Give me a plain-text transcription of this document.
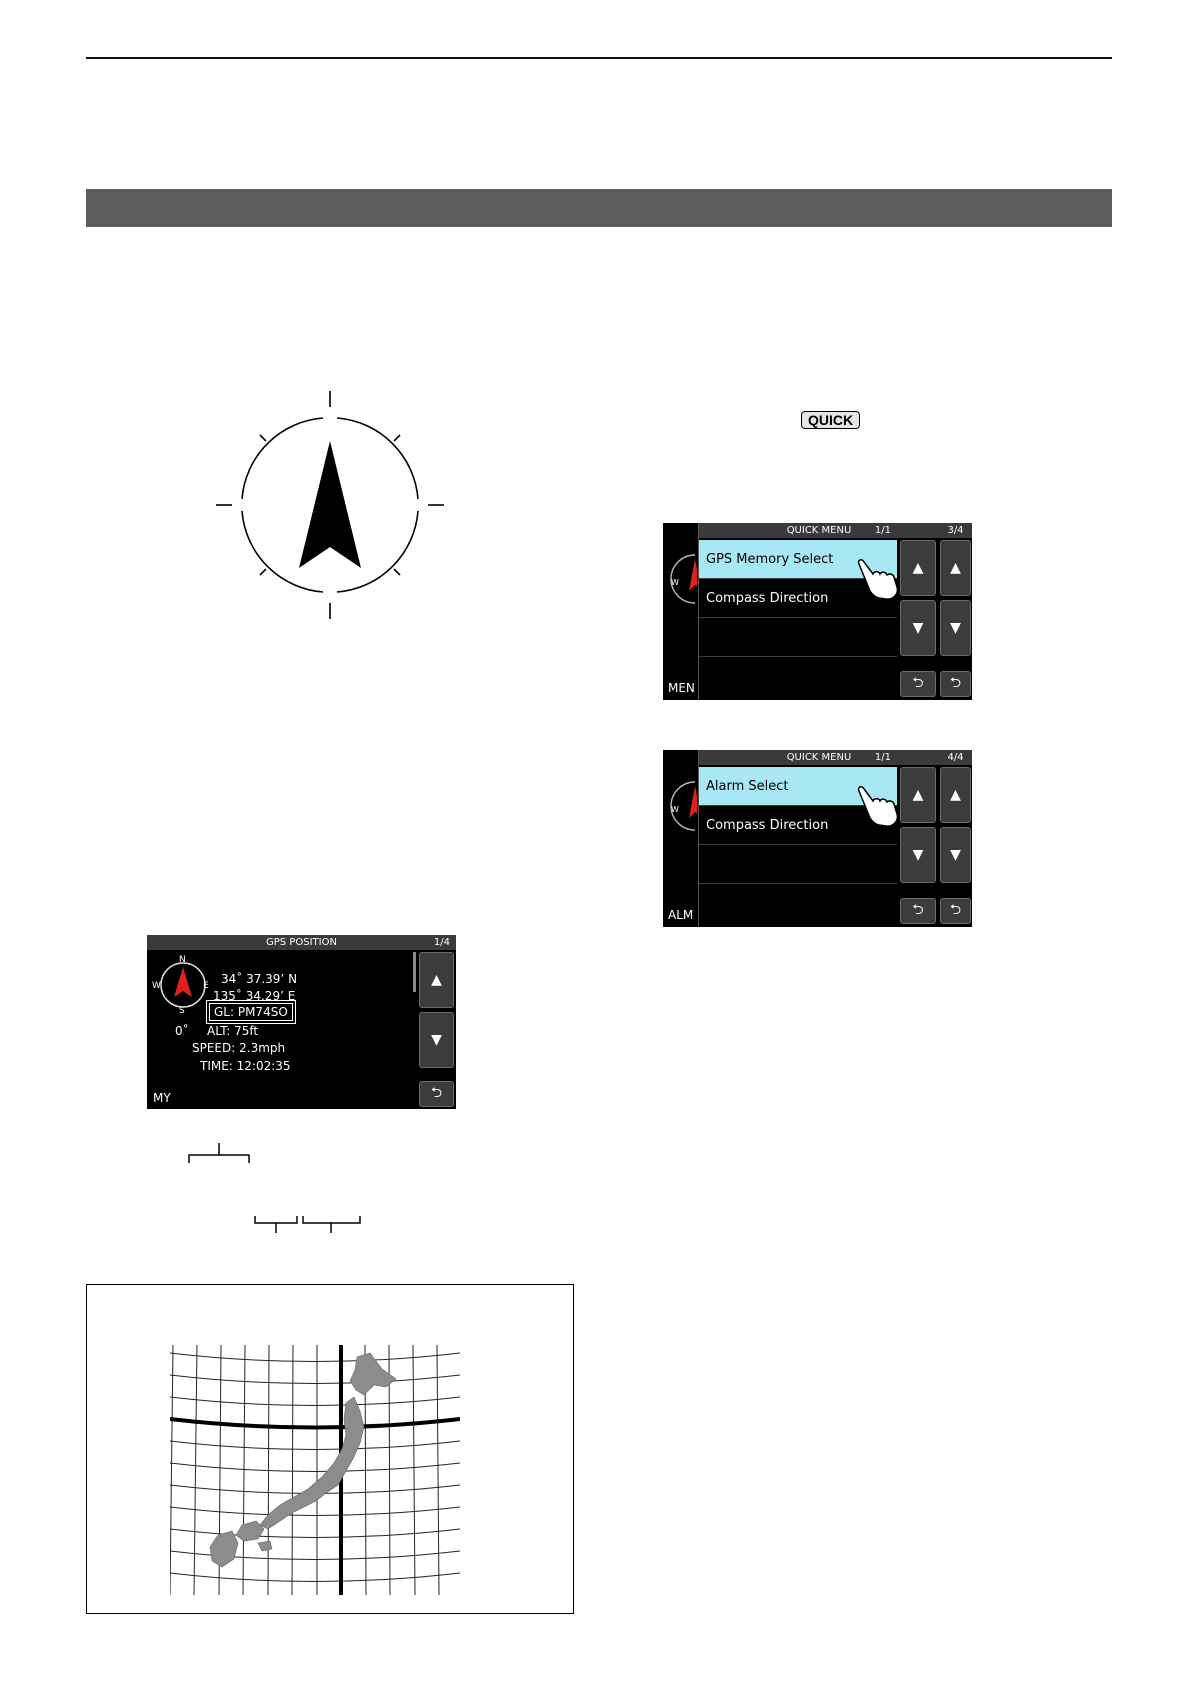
QUICK
W
MEN
3/4
▲
▼
⮌
QUICK MENU 1/1
GPS Memory Select
Compass Direction
▲
▼
⮌
W
ALM
4/4
▲
▼
⮌
QUICK MENU 1/1
Alarm Select
Compass Direction
▲
▼
⮌
GPS POSITION	1/4
▲
▼
⮌
N
S
E
W	34˚ 37.39’ N
135˚ 34.29’ E
GL: PM74SO
0˚ ALT: 75ft
SPEED: 2.3mph
TIME: 12:02:35
MY
